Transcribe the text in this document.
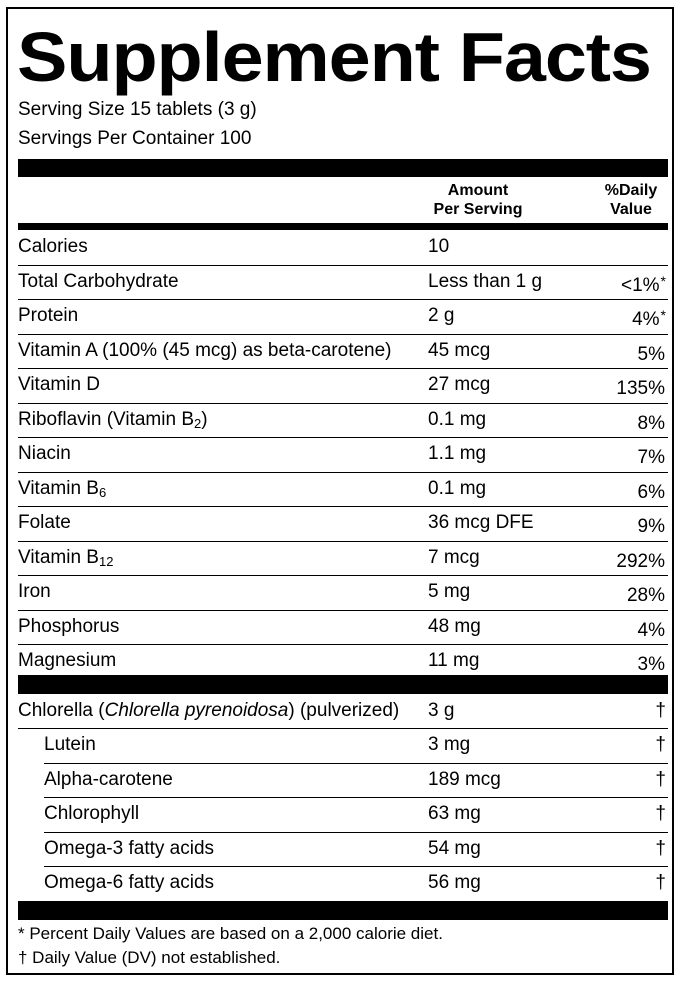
Supplement Facts
Serving Size 15 tablets (3 g)
Servings Per Container 100
Amount
Per Serving
%Daily
Value
Calories	10
Total Carbohydrate	Less than 1 g	<1%*
Protein	2 g	4%*
Vitamin A (100% (45 mcg) as beta-carotene) 45 mcg	5%
Vitamin D	27 mcg	135%
Riboflavin (Vitamin $B_2$)	0.1 mg	8%
Niacin	1.1 mg	7%
Vitamin $B_6$	0.1 mg	6%
Folate	36 mcg DFE	9%
Vitamin $B_{12}$	7 mcg	292%
Iron	5 mg	28%
Phosphorus	48 mg	4%
Magnesium	11 mg	3%
Chlorella (Chlorella pyrenoidosa) (pulverized) 3 g	†
Lutein	3 mg	†
Alpha-carotene	189 mcg	†
Chlorophyll	63 mg	†
Omega-3 fatty acids	54 mg	†
Omega-6 fatty acids	56 mg	†
* Percent Daily Values are based on a 2,000 calorie diet.
† Daily Value (DV) not established.
